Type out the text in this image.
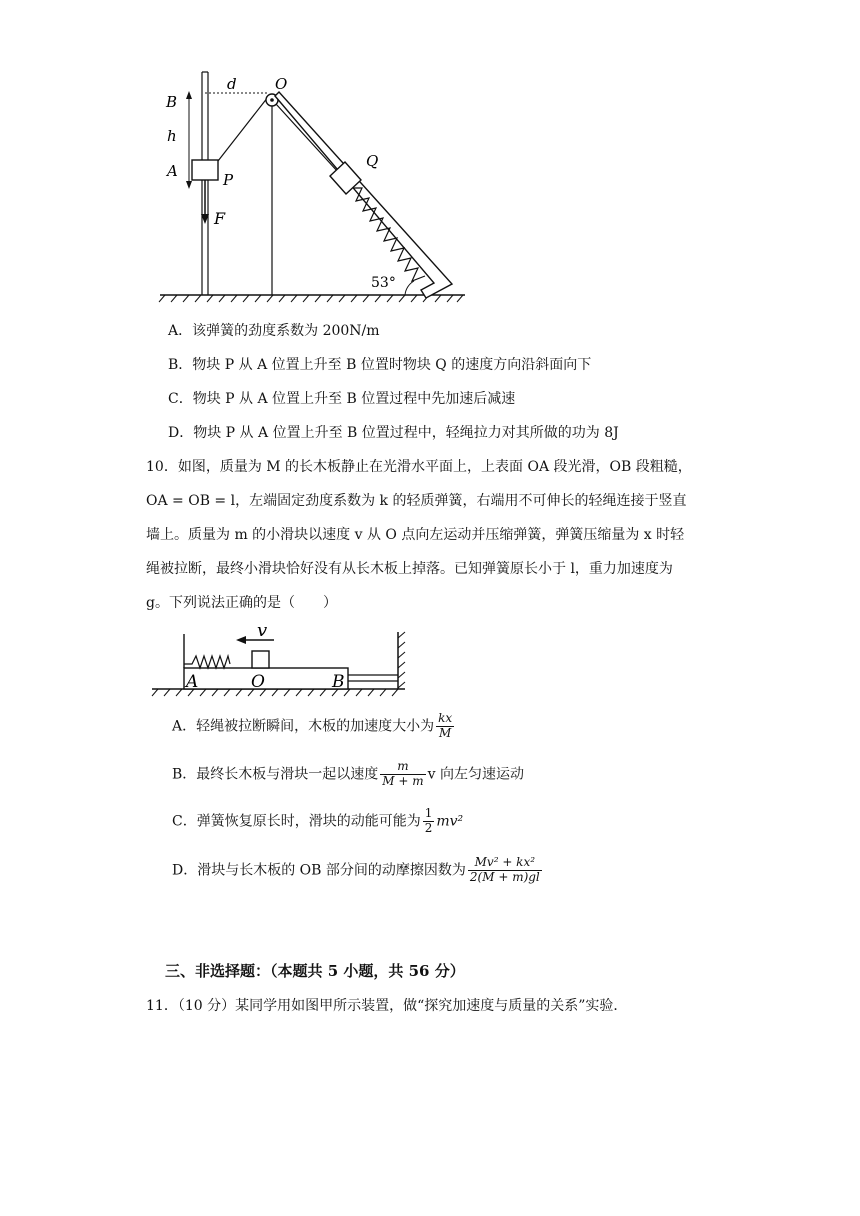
B
h
A	P
F
d	O
Q
53°
A．该弹簧的劲度系数为 200N/m
B．物块 P 从 A 位置上升至 B 位置时物块 Q 的速度方向沿斜面向下
C．物块 P 从 A 位置上升至 B 位置过程中先加速后减速
D．物块 P 从 A 位置上升至 B 位置过程中，轻绳拉力对其所做的功为 8J
10．如图，质量为 M 的长木板静止在光滑水平面上，上表面 OA 段光滑，OB 段粗糙，
OA = OB = l，左端固定劲度系数为 k 的轻质弹簧，右端用不可伸长的轻绳连接于竖直
墙上。质量为 m 的小滑块以速度 v 从 O 点向左运动并压缩弹簧，弹簧压缩量为 x 时轻
绳被拉断，最终小滑块恰好没有从长木板上掉落。已知弹簧原长小于 l，重力加速度为
g。下列说法正确的是（　　）
v
A	O	B
A．轻绳被拉断瞬间，木板的加速度大小为 $\frac{kx}{M}$
B．最终长木板与滑块一起以速度 $\frac{m}{M + m}$ v 向左匀速运动
C．弹簧恢复原长时，滑块的动能可能为 $\frac{1}{2} mv^2$
D．滑块与长木板的 OB 部分间的动摩擦因数为 $\frac{\text{Mv² + kx²}}{2(M + m)gl}$
三、非选择题：（本题共 5 小题，共 56 分）
11．（10 分）某同学用如图甲所示装置，做“探究加速度与质量的关系”实验．
